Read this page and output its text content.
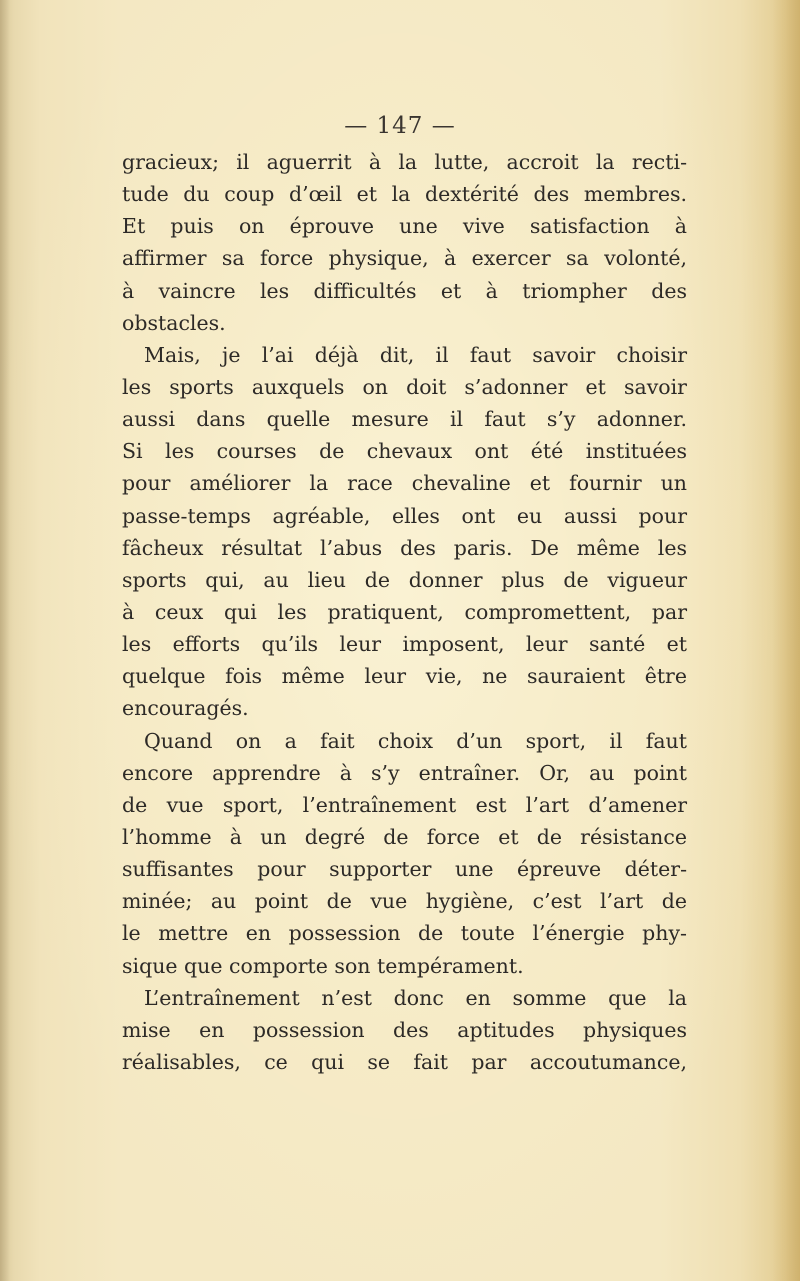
— 147 —
gracieux; il aguerrit à la lutte, accroit la recti-
tude du coup d’œil et la dextérité des membres.
Et puis on éprouve une vive satisfaction à
affirmer sa force physique, à exercer sa volonté,
à vaincre les difficultés et à triompher des
obstacles.
Mais, je l’ai déjà dit, il faut savoir choisir
les sports auxquels on doit s’adonner et savoir
aussi dans quelle mesure il faut s’y adonner.
Si les courses de chevaux ont été instituées
pour améliorer la race chevaline et fournir un
passe-temps agréable, elles ont eu aussi pour
fâcheux résultat l’abus des paris. De même les
sports qui, au lieu de donner plus de vigueur
à ceux qui les pratiquent, compromettent, par
les efforts qu’ils leur imposent, leur santé et
quelque fois même leur vie, ne sauraient être
encouragés.
Quand on a fait choix d’un sport, il faut
encore apprendre à s’y entraîner. Or, au point
de vue sport, l’entraînement est l’art d’amener
l’homme à un degré de force et de résistance
suffisantes pour supporter une épreuve déter-
minée; au point de vue hygiène, c’est l’art de
le mettre en possession de toute l’énergie phy-
sique que comporte son tempérament.
L’entraînement n’est donc en somme que la
mise en possession des aptitudes physiques
réalisables, ce qui se fait par accoutumance,
